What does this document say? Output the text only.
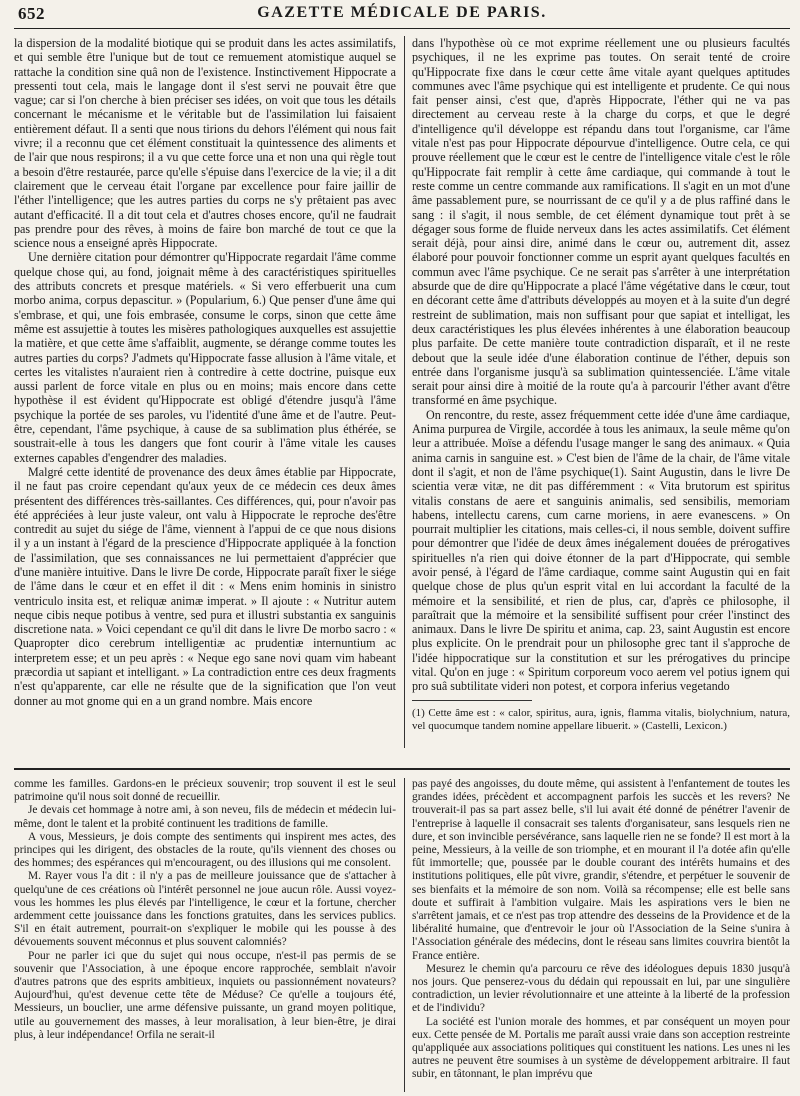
652	GAZETTE MÉDICALE DE PARIS.

la dispersion de la modalité biotique qui se produit dans les actes assimilatifs, et qui semble être l'unique but de tout ce remuement atomistique auquel se rattache la condition sine quâ non de l'existence. Instinctivement Hippocrate a pressenti tout cela, mais le langage dont il s'est servi ne pouvait être que vague; car si l'on cherche à bien préciser ses idées, on voit que tous les détails concernant le mécanisme et le véritable but de l'assimilation lui faisaient entièrement défaut. Il a senti que nous tirions du dehors l'élément qui nous fait vivre; il a reconnu que cet élément constituait la quintessence des aliments et de l'air que nous respirons; il a vu que cette force una et non una qui règle tout a besoin d'être restaurée, parce qu'elle s'épuise dans l'exercice de la vie; il a dit clairement que le cerveau était l'organe par excellence pour faire jaillir de l'éther l'intelligence; que les autres parties du corps ne s'y prêtaient pas avec autant d'efficacité. Il a dit tout cela et d'autres choses encore, qu'il ne faudrait pas prendre pour des rêves, à moins de faire bon marché de tout ce que la science nous a enseigné après Hippocrate.

Une dernière citation pour démontrer qu'Hippocrate regardait l'âme comme quelque chose qui, au fond, joignait même à des caractéristiques spirituelles des attributs concrets et presque matériels. « Si vero efferbuerit una cum morbo anima, corpus depascitur. » (Popularium, 6.) Que penser d'une âme qui s'embrase, et qui, une fois embrasée, consume le corps, sinon que cette âme même est assujettie à toutes les misères pathologiques auxquelles est assujettie la matière, et que cette âme s'affaiblit, augmente, se dérange comme toutes les autres parties du corps? J'admets qu'Hippocrate fasse allusion à l'âme vitale, et certes les vitalistes n'auraient rien à contredire à cette doctrine, puisque eux aussi parlent de force vitale en plus ou en moins; mais encore dans cette hypothèse il est évident qu'Hippocrate est obligé d'étendre jusqu'à l'âme psychique la portée de ses paroles, vu l'identité d'une âme et de l'autre. Peut-être, cependant, l'âme psychique, à cause de sa sublimation plus éthérée, se soustrait-elle à tous les dangers que font courir à l'âme vitale les causes externes capables d'engendrer des maladies.

Malgré cette identité de provenance des deux âmes établie par Hippocrate, il ne faut pas croire cependant qu'aux yeux de ce médecin ces deux âmes présentent des différences très-saillantes. Ces différences, qui, pour n'avoir pas été appréciées à leur juste valeur, ont valu à Hippocrate le reproche des'être contredit au sujet du siége de l'âme, viennent à l'appui de ce que nous disions il y a un instant à l'égard de la prescience d'Hippocrate appliquée à la fonction de l'assimilation, que ses connaissances ne lui permettaient d'apprécier que d'une manière intuitive. Dans le livre De corde, Hippocrate paraît fixer le siége de l'âme dans le cœur et en effet il dit : « Mens enim hominis in sinistro ventriculo insita est, et reliquæ animæ imperat. » Il ajoute : « Nutritur autem neque cibis neque potibus à ventre, sed pura et illustri substantia ex sanguinis discretione nata. » Voici cependant ce qu'il dit dans le livre De morbo sacro : « Quapropter dico cerebrum intelligentiæ ac prudentiæ internuntium ac interpretem esse; et un peu après : « Neque ego sane novi quam vim habeant præcordia ut sapiant et intelligant. » La contradiction entre ces deux fragments n'est qu'apparente, car elle ne résulte que de la signification que l'on veut donner au mot gnome qui en a un grand nombre. Mais encore

dans l'hypothèse où ce mot exprime réellement une ou plusieurs facultés psychiques, il ne les exprime pas toutes. On serait tenté de croire qu'Hippocrate fixe dans le cœur cette âme vitale ayant quelques aptitudes communes avec l'âme psychique qui est intelligente et prudente. Ce qui nous fait penser ainsi, c'est que, d'après Hippocrate, l'éther qui ne va pas directement au cerveau reste à la charge du corps, et que le degré d'intelligence qu'il développe est répandu dans tout l'organisme, car l'âme vitale n'est pas pour Hippocrate dépourvue d'intelligence. Outre cela, ce qui prouve réellement que le cœur est le centre de l'intelligence vitale c'est le rôle qu'Hippocrate fait remplir à cette âme cardiaque, qui commande à tout le reste comme un centre commande aux ramifications. Il s'agit en un mot d'une âme passablement pure, se nourrissant de ce qu'il y a de plus raffiné dans le sang : il s'agit, il nous semble, de cet élément dynamique tout prêt à se dégager sous forme de fluide nerveux dans les actes assimilatifs. Cet élément serait déjà, pour ainsi dire, animé dans le cœur ou, autrement dit, assez élaboré pour pouvoir fonctionner comme un esprit ayant quelques facultés en commun avec l'âme psychique. Ce ne serait pas s'arrêter à une interprétation absurde que de dire qu'Hippocrate a placé l'âme végétative dans le cœur, tout en décorant cette âme d'attributs développés au moyen et à la suite d'un degré restreint de sublimation, mais non suffisant pour que sapiat et intelligat, les deux caractéristiques les plus élevées inhérentes à une élaboration beaucoup plus parfaite. De cette manière toute contradiction disparaît, et il ne reste debout que la seule idée d'une élaboration continue de l'éther, depuis son entrée dans l'organisme jusqu'à sa sublimation quintessenciée. L'âme vitale serait pour ainsi dire à moitié de la route qu'a à parcourir l'éther avant d'être transformé en âme psychique.

On rencontre, du reste, assez fréquemment cette idée d'une âme cardiaque, Anima purpurea de Virgile, accordée à tous les animaux, la seule même qu'on leur a attribuée. Moïse a défendu l'usage manger le sang des animaux. « Quia anima carnis in sanguine est. » C'est bien de l'âme de la chair, de l'âme vitale dont il s'agit, et non de l'âme psychique(1). Saint Augustin, dans le livre De scientia veræ vitæ, ne dit pas différemment : « Vita brutorum est spiritus vitalis constans de aere et sanguinis animalis, sed sensibilis, memoriam habens, intellectu carens, cum carne moriens, in aere evanescens. » On pourrait multiplier les citations, mais celles-ci, il nous semble, doivent suffire pour démontrer que l'idée de deux âmes inégalement douées de prérogatives spirituelles n'a rien qui doive étonner de la part d'Hippocrate, qui semble avoir pensé, à l'égard de l'âme cardiaque, comme saint Augustin qui en fait quelque chose de plus qu'un esprit vital en lui accordant la faculté de la mémoire et la sensibilité, et rien de plus, car, d'après ce philosophe, il paraîtrait que la mémoire et la sensibilité suffisent pour créer l'instinct des animaux. Dans le livre De spiritu et anima, cap. 23, saint Augustin est encore plus explicite. On le prendrait pour un philosophe grec tant il s'approche de l'idée hippocratique sur la constitution et sur les prérogatives du principe vital. Qu'on en juge : « Spiritum corporeum voco aerem vel potius ignem qui pro suâ subtilitate videri non potest, et corpora inferius vegetando

(1) Cette âme est : « calor, spiritus, aura, ignis, flamma vitalis, biolychnium, natura, vel quocumque tandem nomine appellare libuerit. » (Castelli, Lexicon.)

comme les familles. Gardons-en le précieux souvenir; trop souvent il est le seul patrimoine qu'il nous soit donné de recueillir.

Je devais cet hommage à notre ami, à son neveu, fils de médecin et médecin lui-même, dont le talent et la probité continuent les traditions de famille.

A vous, Messieurs, je dois compte des sentiments qui inspirent mes actes, des principes qui les dirigent, des obstacles de la route, qu'ils viennent des choses ou des hommes; des espérances qui m'encouragent, ou des illusions qui me consolent.

M. Rayer vous l'a dit : il n'y a pas de meilleure jouissance que de s'attacher à quelqu'une de ces créations où l'intérêt personnel ne joue aucun rôle. Aussi voyez-vous les hommes les plus élevés par l'intelligence, le cœur et la fortune, chercher ardemment cette jouissance dans les fonctions gratuites, dans les services publics. S'il en était autrement, pourrait-on s'expliquer le mobile qui les pousse à des dévouements souvent méconnus et plus souvent calomniés?

Pour ne parler ici que du sujet qui nous occupe, n'est-il pas permis de se souvenir que l'Association, à une époque encore rapprochée, semblait n'avoir d'autres patrons que des esprits ambitieux, inquiets ou passionnément novateurs? Aujourd'hui, qu'est devenue cette tête de Méduse? Ce qu'elle a toujours été, Messieurs, un bouclier, une arme défensive puissante, un grand moyen politique, utile au gouvernement des masses, à leur moralisation, à leur bien-être, je dirai plus, à leur indépendance! Orfila ne serait-il

pas payé des angoisses, du doute même, qui assistent à l'enfantement de toutes les grandes idées, précèdent et accompagnent parfois les succès et les revers? Ne trouverait-il pas sa part assez belle, s'il lui avait été donné de pénétrer l'avenir de l'entreprise à laquelle il consacrait ses talents d'organisateur, sans lesquels rien ne dure, et son invincible persévérance, sans laquelle rien ne se fonde? Il est mort à la peine, Messieurs, à la veille de son triomphe, et en mourant il l'a dotée afin qu'elle fût immortelle; que, poussée par le double courant des intérêts humains et des institutions politiques, elle pût vivre, grandir, s'étendre, et perpétuer le souvenir de ses bienfaits et la mémoire de son nom. Voilà sa récompense; elle est belle sans doute et suffirait à l'ambition vulgaire. Mais les aspirations vers le bien ne s'arrêtent jamais, et ce n'est pas trop attendre des desseins de la Providence et de la libéralité humaine, que d'entrevoir le jour où l'Association de la Seine s'unira à l'Association générale des médecins, dont le réseau sans limites couvrira bientôt la France entière.

Mesurez le chemin qu'a parcouru ce rêve des idéologues depuis 1830 jusqu'à nos jours. Que penserez-vous du dédain qui repoussait en lui, par une singulière contradiction, un levier révolutionnaire et une atteinte à la liberté de la profession et de l'individu?

La société est l'union morale des hommes, et par conséquent un moyen pour eux. Cette pensée de M. Portalis me paraît aussi vraie dans son acception restreinte qu'appliquée aux associations politiques qui constituent les nations. Les unes ni les autres ne peuvent être soumises à un système de développement arbitraire. Il faut subir, en tâtonnant, le plan imprévu que
